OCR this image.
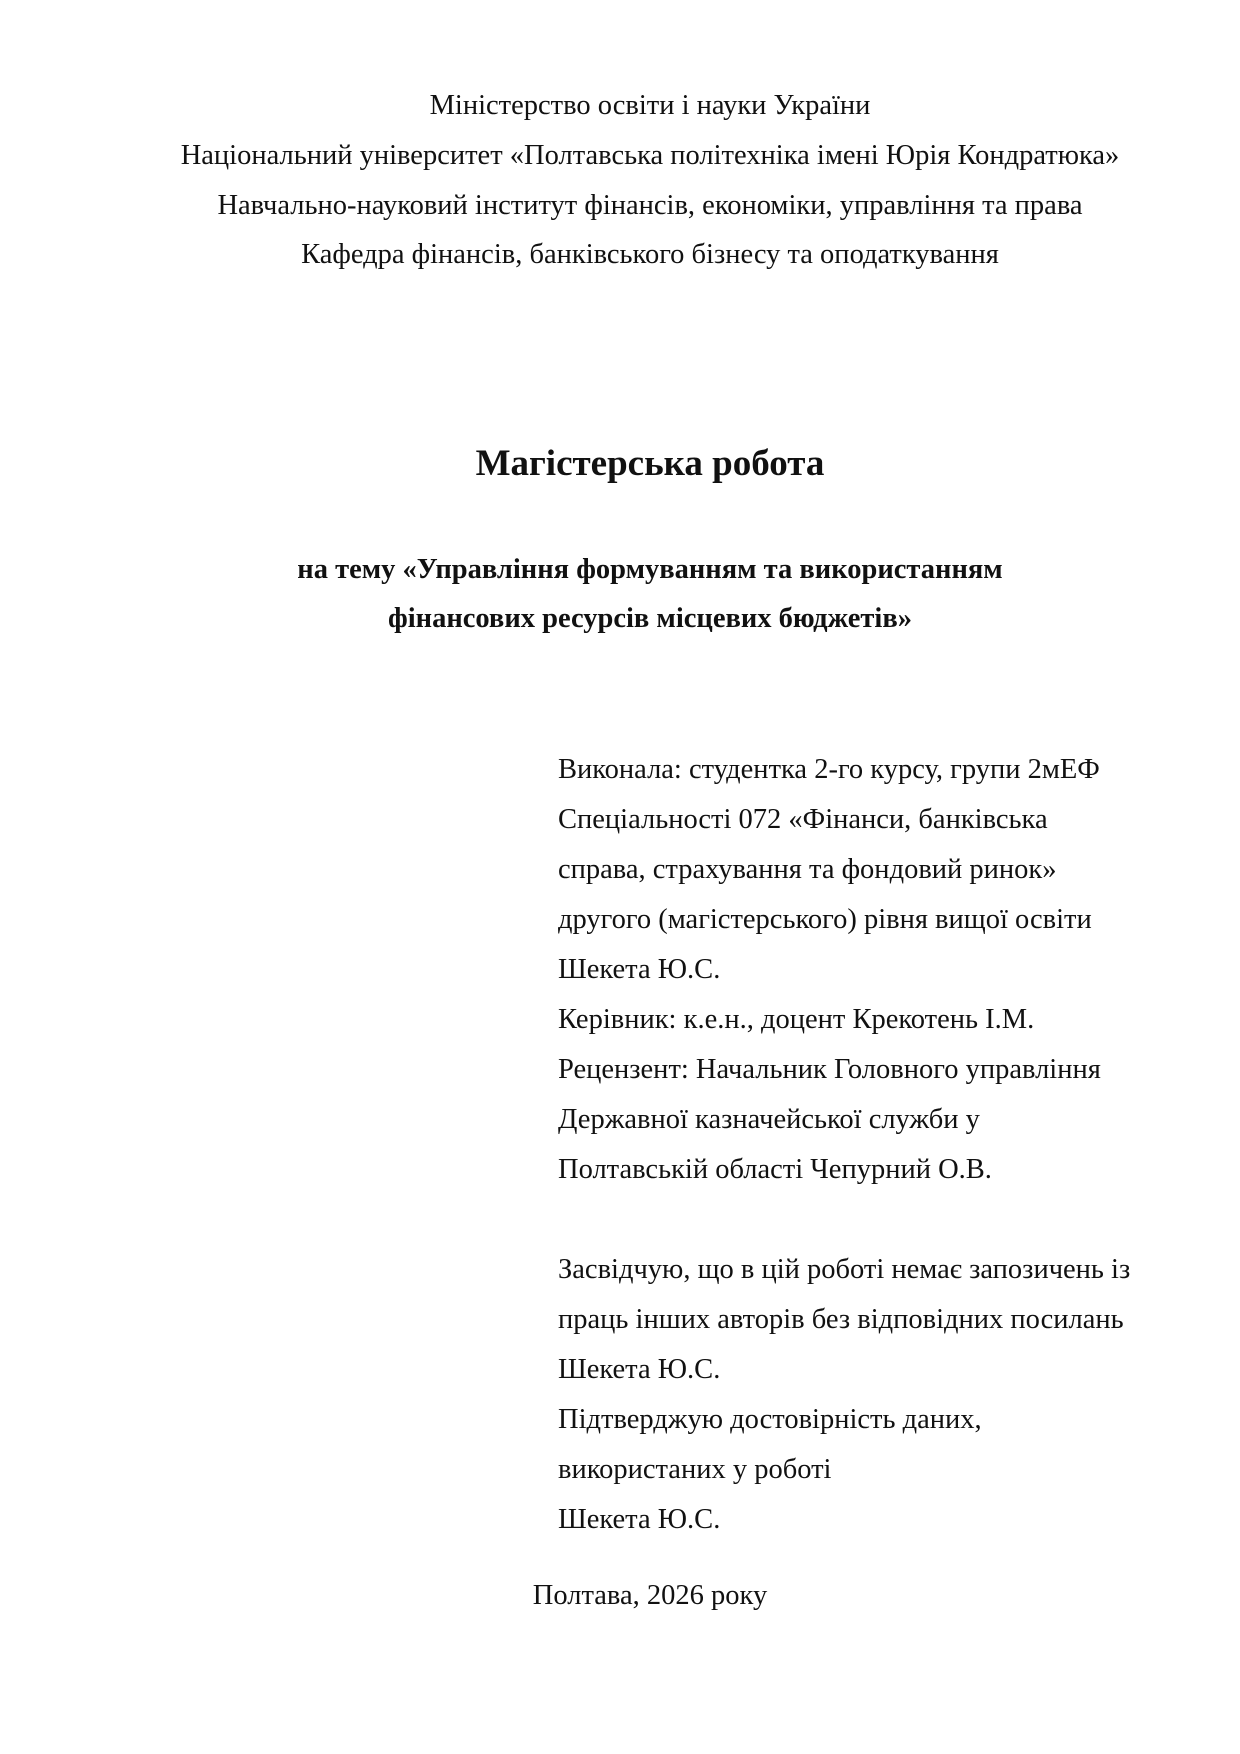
Міністерство освіти і науки України
Національний університет «Полтавська політехніка імені Юрія Кондратюка»
Навчально-науковий інститут фінансів, економіки, управління та права
Кафедра фінансів, банківського бізнесу та оподаткування
Магістерська робота
на тему «Управління формуванням та використанням
фінансових ресурсів місцевих бюджетів»
Виконала: студентка 2-го курсу, групи 2мЕФ
Спеціальності 072 «Фінанси, банківська
справа, страхування та фондовий ринок»
другого (магістерського) рівня вищої освіти
Шекета Ю.С.
Керівник: к.е.н., доцент Крекотень І.М.
Рецензент: Начальник Головного управління
Державної казначейської служби у
Полтавській області Чепурний О.В.
Засвідчую, що в цій роботі немає запозичень із
праць інших авторів без відповідних посилань
Шекета Ю.С.
Підтверджую достовірність даних,
використаних у роботі
Шекета Ю.С.
Полтава, 2026 року
